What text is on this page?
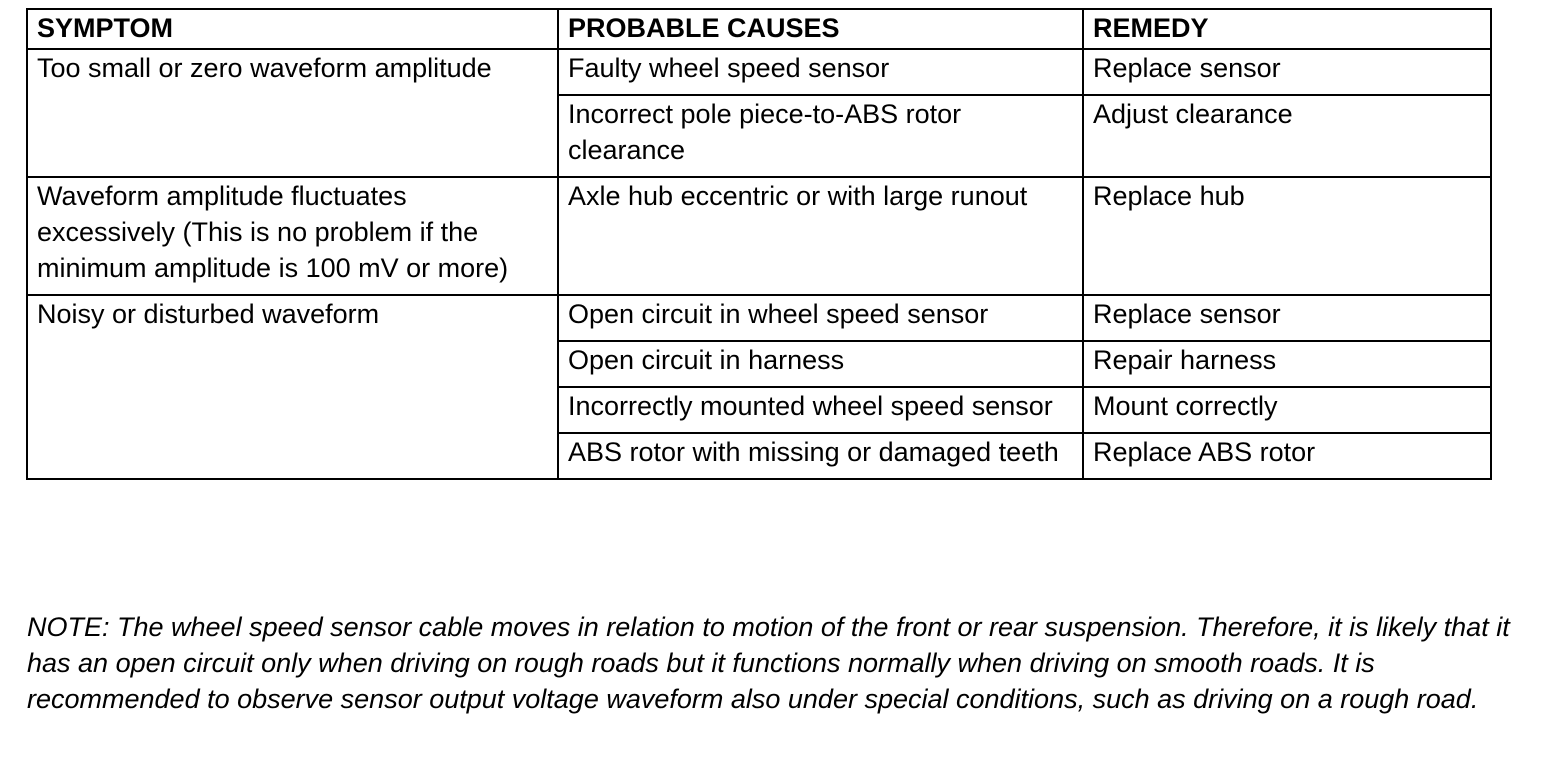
SYMPTOM	PROBABLE CAUSES	REMEDY
Too small or zero waveform amplitude	Faulty wheel speed sensor	Replace sensor
	Incorrect pole piece-to-ABS rotor clearance	Adjust clearance
Waveform amplitude fluctuates excessively (This is no problem if the minimum amplitude is 100 mV or more)	Axle hub eccentric or with large runout	Replace hub
Noisy or disturbed waveform	Open circuit in wheel speed sensor	Replace sensor
	Open circuit in harness	Repair harness
	Incorrectly mounted wheel speed sensor	Mount correctly
	ABS rotor with missing or damaged teeth	Replace ABS rotor

NOTE: The wheel speed sensor cable moves in relation to motion of the front or rear suspension. Therefore, it is likely that it has an open circuit only when driving on rough roads but it functions normally when driving on smooth roads. It is recommended to observe sensor output voltage waveform also under special conditions, such as driving on a rough road.
